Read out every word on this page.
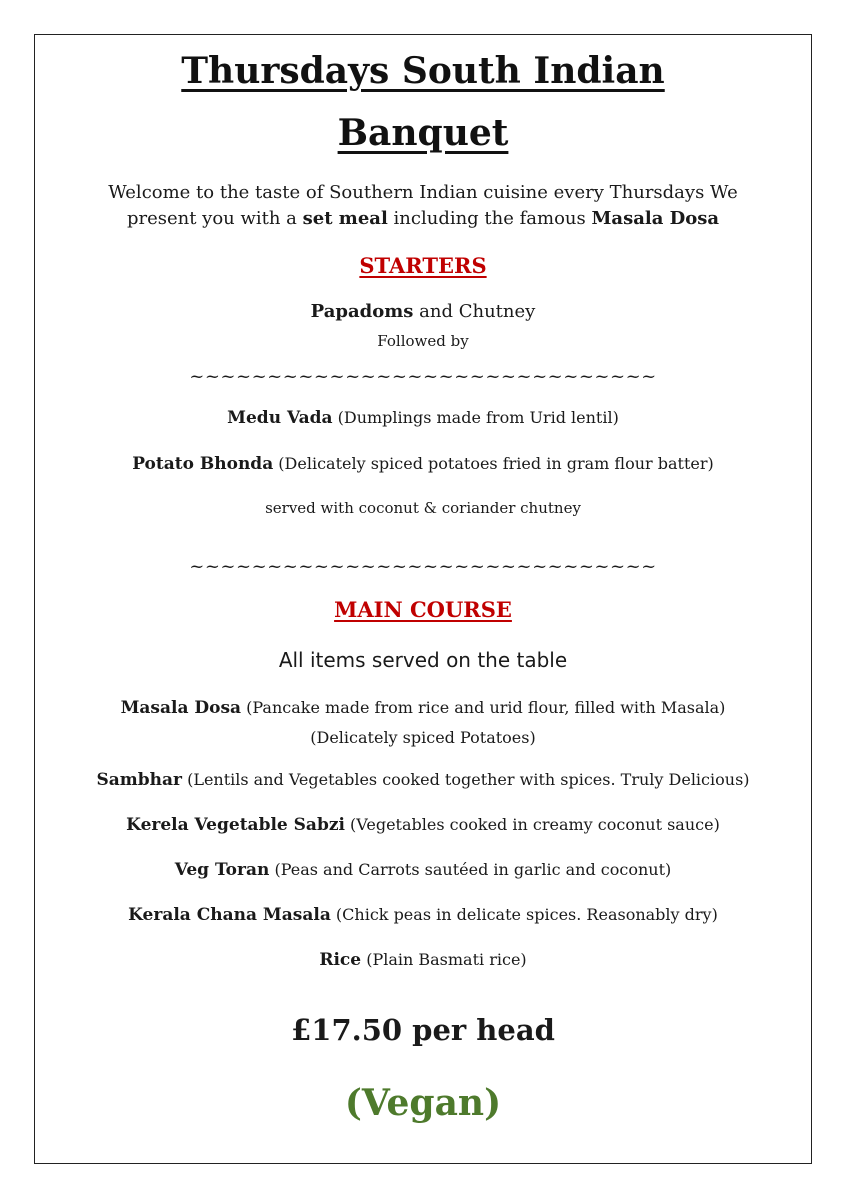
Thursdays South Indian
Banquet
Welcome to the taste of Southern Indian cuisine every Thursdays We
present you with a set meal including the famous Masala Dosa
STARTERS
Papadoms and Chutney
Followed by
~~~~~~~~~~~~~~~~~~~~~~~~~~~~~~
Medu Vada (Dumplings made from Urid lentil)
Potato Bhonda (Delicately spiced potatoes fried in gram flour batter)
served with coconut & coriander chutney
~~~~~~~~~~~~~~~~~~~~~~~~~~~~~~
MAIN COURSE
All items served on the table
Masala Dosa (Pancake made from rice and urid flour, filled with Masala)
(Delicately spiced Potatoes)
Sambhar (Lentils and Vegetables cooked together with spices. Truly Delicious)
Kerela Vegetable Sabzi (Vegetables cooked in creamy coconut sauce)
Veg Toran (Peas and Carrots sautéed in garlic and coconut)
Kerala Chana Masala (Chick peas in delicate spices. Reasonably dry)
Rice (Plain Basmati rice)
£17.50 per head
(Vegan)
